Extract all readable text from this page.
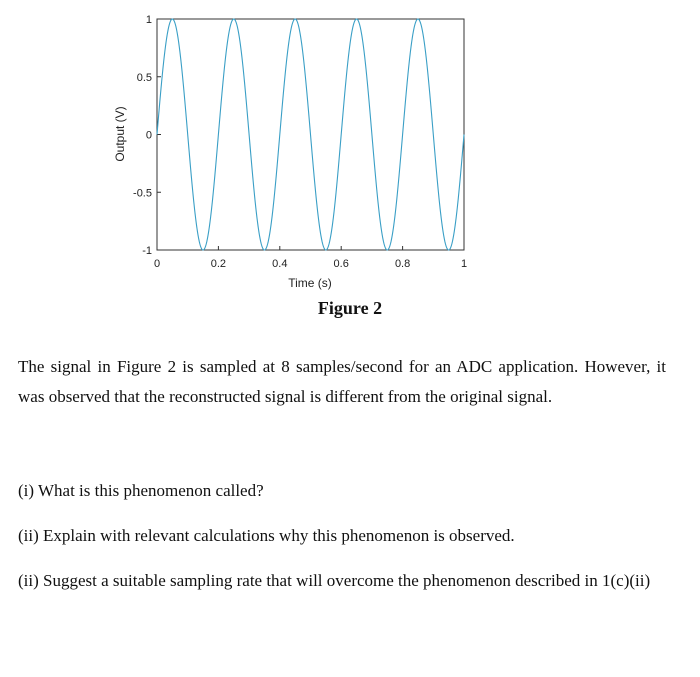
0	0.2	0.4	0.6	0.8	1
-1
-0.5
0
0.5
1
Time (s)
Output (V)
Figure 2

The signal in Figure 2 is sampled at 8 samples/second for an ADC application. However, it was observed that the reconstructed signal is different from the original signal.

(i) What is this phenomenon called?

(ii) Explain with relevant calculations why this phenomenon is observed.

(ii) Suggest a suitable sampling rate that will overcome the phenomenon described in 1(c)(ii)
